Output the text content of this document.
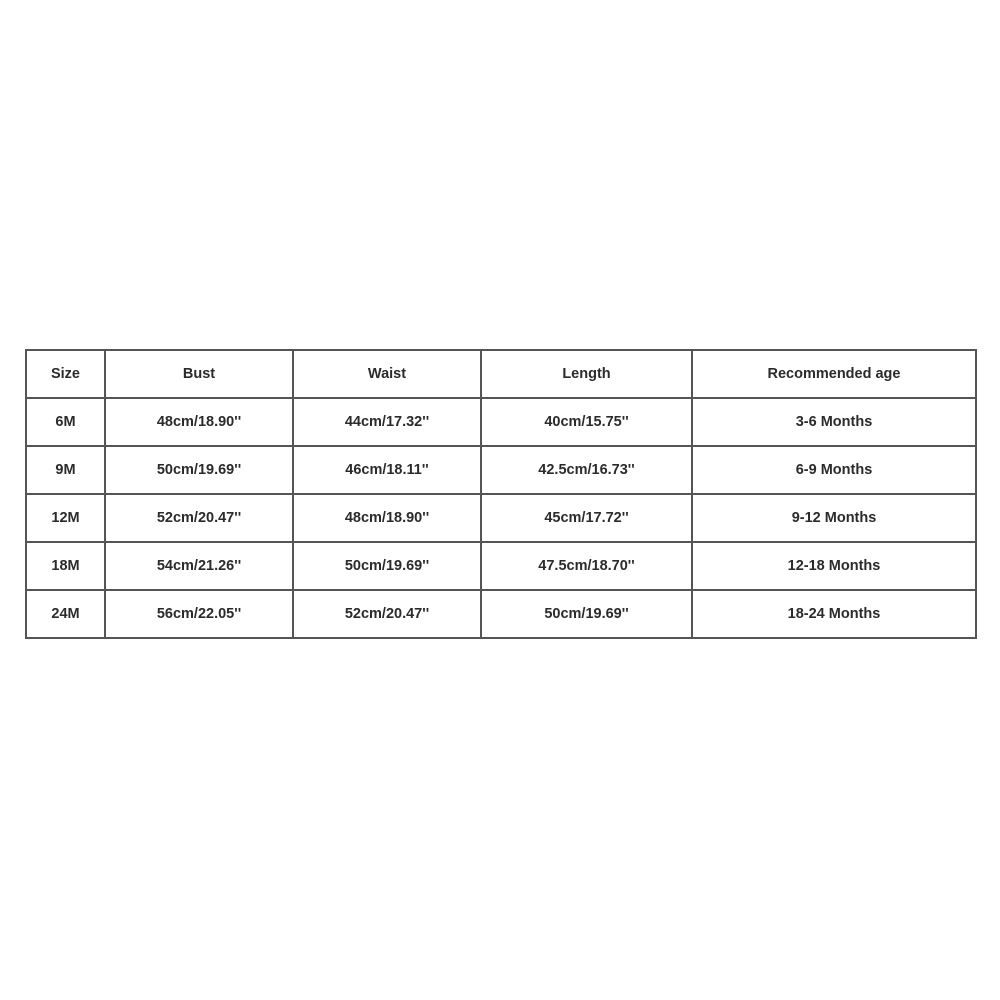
Size	Bust	Waist	Length	Recommended age
6M	48cm/18.90''	44cm/17.32''	40cm/15.75''	3-6 Months
9M	50cm/19.69''	46cm/18.11''	42.5cm/16.73''	6-9 Months
12M	52cm/20.47''	48cm/18.90''	45cm/17.72''	9-12 Months
18M	54cm/21.26''	50cm/19.69''	47.5cm/18.70''	12-18 Months
24M	56cm/22.05''	52cm/20.47''	50cm/19.69''	18-24 Months
